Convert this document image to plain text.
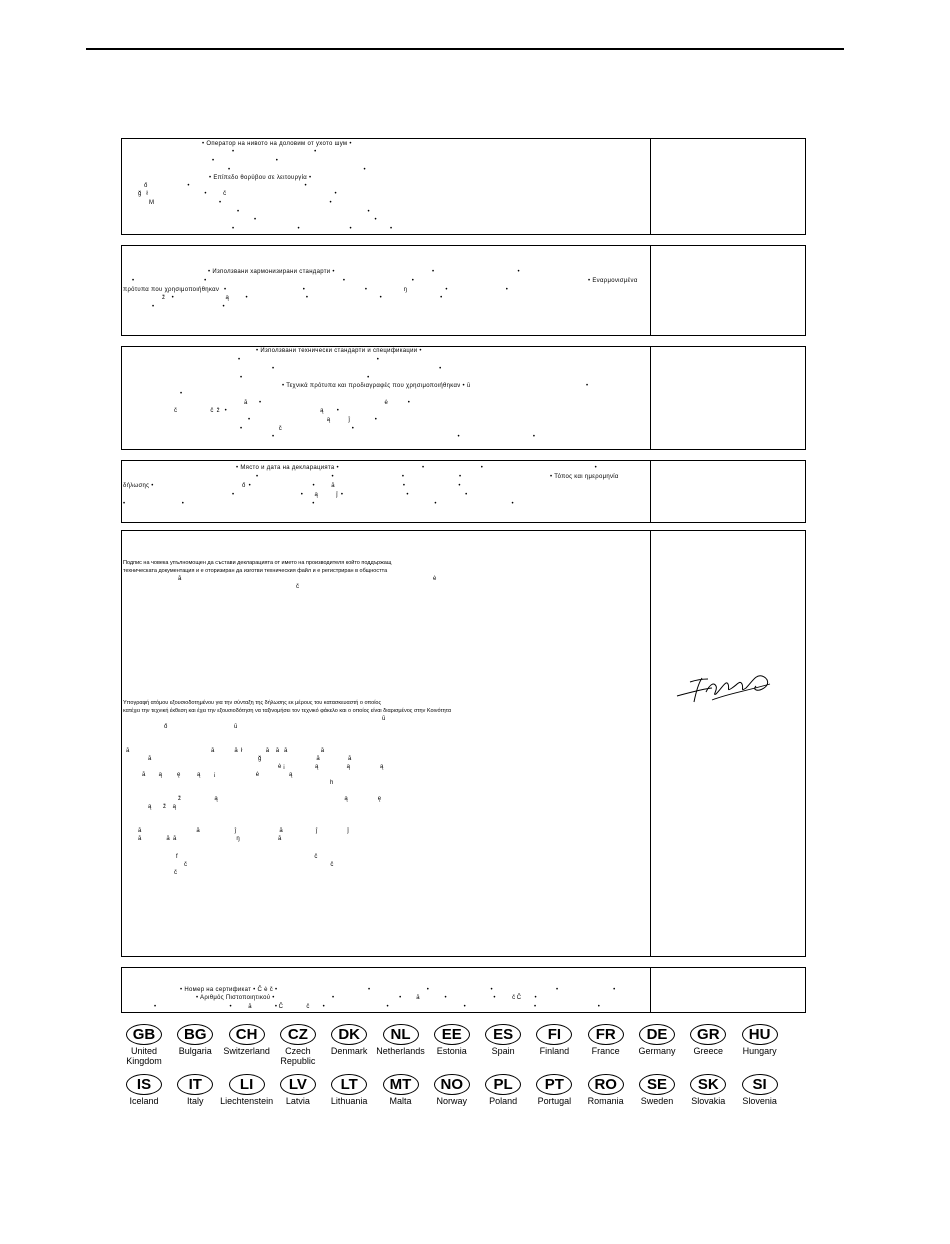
• Оператор на нивото на доловим от ухото шум •
•                                                •
•                                     •
•                                                                                •
• Επίπεδο θορύβου σε λειτουργία •
ő                        •                                                                     •
ğ   ł                                  •          č                                                                 •
M                                       •                                                                 •
•                                                                             •
•                                                                       •
•                                      •                              •                       •
• Използвани хармонизирани стандарти •	•                                                  •
•                                          •                                                                                  •                                        •	• Εναρμονισμένα
πρότυπα που χρησιμοποιήθηκαν •                                              •                                    •                      ŋ                       •                                   •
ž    •                               ą          •                                   •                                           •                                   •
•                                         •
• Използвани технически стандарти и спецификации •
•                                                                                  •
•                                                                                                   •
•                                                                           •
• Τεχνικά πρότυπα και προδιαγραφές που χρησιμοποιήθηκαν • ū	•
•
ā       •                                                                          ė            •
č                    č  ž   •                                                        ą        •
•                                              ą           ĵ               •
•                      č                                          •
•                                                                                                              •                                            •
• Място и дата на декларацията •	•                                  •                                                                   •
•                                            •                                         •                                 •	• Τόπος και ημερομηνία
δήλωσης •	ő  •                                     •          ā                                         •                                •
•                                        •       ą           ĵ  •                                      •                                  •
•                                  •                                                                             •                                                                        •                                             •
Подпис на човека упълномощен да състави декларацията от името на производителя който поддържащ
техническата документация и е оторизиран да изготви техническия файл и е регистриран в общността
ā                                                                                                                                                       ė
č
Υπογραφή ατόμου εξουσιοδοτημένου για την σύνταξη της δήλωσης εκ μέρους του κατασκευαστή ο οποίος
κατέχει την τεχνική έκθεση και έχει την εξουσιοδότηση να ταξινομήσει τον τεχνικό φάκελο και ο οποίος είναι διαρισμένος στην Κοινότητα
ū
ő                                        ū
ā                                                 ā            ā  ł              ā    ā   ā                    ā
ā                                                                ğ                                 ā                 ā
ė ¡                  ą                 ą                  ą
ā        ą         ę          ą        ¡                        ė                  ą
h
ž                    ą                                                                            ą                  ę
ą       ž    ą
ā                                 ā                     ĵ                          ā                    ĵ                  ĵ
ā               ā  ā                                    ŋ                       ā
f                                                                                  č
č                                                                                      č
č
• Номер на сертификат • Č ė č •	•                                  •                                     •                                      •                                 •
• Αριθμός Πιστοποιητικού •	•                                       •         ā               •                            •          č Č        •
•                                            •          ā              • Č              č        •                                     •                                             •                                         •                                     •
GB
United Kingdom
BG
Bulgaria
CH
Switzerland
CZ
Czech Republic
DK
Denmark
NL
Netherlands
EE
Estonia
ES
Spain
FI
Finland
FR
France
DE
Germany
GR
Greece
HU
Hungary
IS
Iceland
IT
Italy
LI
Liechtenstein
LV
Latvia
LT
Lithuania
MT
Malta
NO
Norway
PL
Poland
PT
Portugal
RO
Romania
SE
Sweden
SK
Slovakia
SI
Slovenia
